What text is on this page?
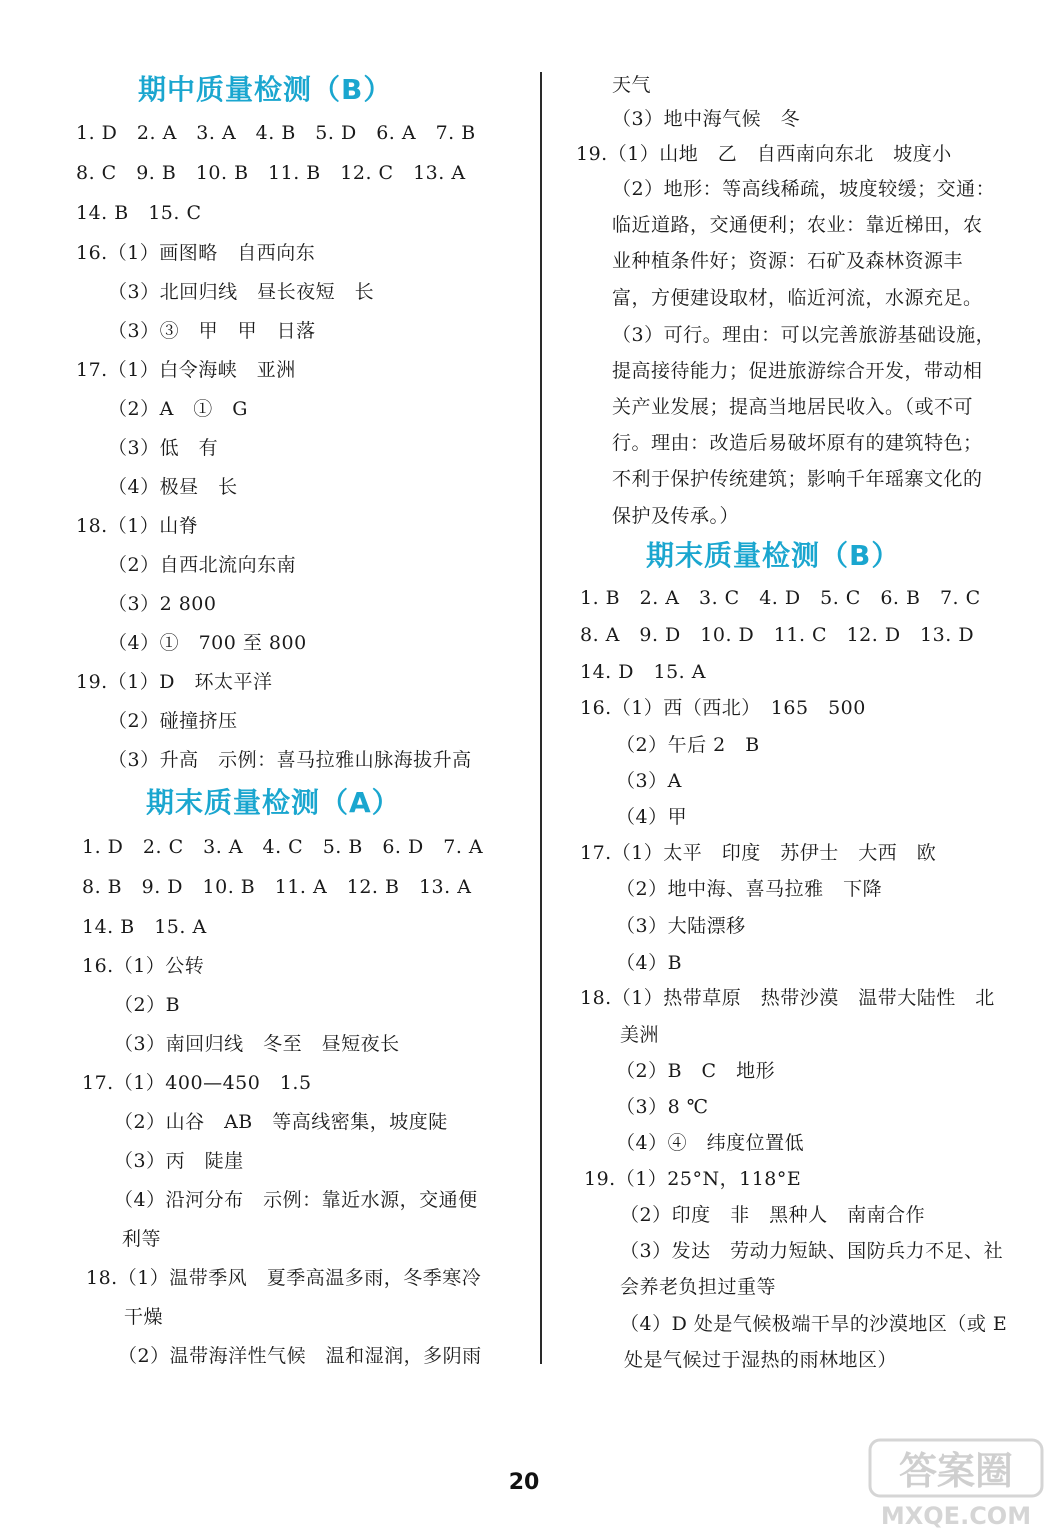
期中质量检测（B）
1. D　2. A　3. A　4. B　5. D　6. A　7. B
8. C　9. B　10. B　11. B　12. C　13. A
14. B　15. C
16.（1）画图略　自西向东
（3）北回归线　昼长夜短　长
（3）③　甲　甲　日落
17.（1）白令海峡　亚洲
（2）A　①　G
（3）低　有
（4）极昼　长
18.（1）山脊
（2）自西北流向东南
（3）2 800
（4）①　700 至 800
19.（1）D　环太平洋
（2）碰撞挤压
（3）升高　示例：喜马拉雅山脉海拔升高
期末质量检测（A）
1. D　2. C　3. A　4. C　5. B　6. D　7. A
8. B　9. D　10. B　11. A　12. B　13. A
14. B　15. A
16.（1）公转
（2）B
（3）南回归线　冬至　昼短夜长
17.（1）400—450　1.5
（2）山谷　AB　等高线密集，坡度陡
（3）丙　陡崖
（4）沿河分布　示例：靠近水源，交通便
利等
18.（1）温带季风　夏季高温多雨，冬季寒冷
干燥
（2）温带海洋性气候　温和湿润，多阴雨
天气
（3）地中海气候　冬
19.（1）山地　乙　自西南向东北　坡度小
（2）地形：等高线稀疏，坡度较缓；交通：
临近道路，交通便利；农业：靠近梯田，农
业种植条件好；资源：石矿及森林资源丰
富，方便建设取材，临近河流，水源充足。
（3）可行。理由：可以完善旅游基础设施，
提高接待能力；促进旅游综合开发，带动相
关产业发展；提高当地居民收入。（或不可
行。理由：改造后易破坏原有的建筑特色；
不利于保护传统建筑；影响千年瑶寨文化的
保护及传承。）
期末质量检测（B）
1. B　2. A　3. C　4. D　5. C　6. B　7. C
8. A　9. D　10. D　11. C　12. D　13. D
14. D　15. A
16.（1）西（西北）　165　500
（2）午后 2　B
（3）A
（4）甲
17.（1）太平　印度　苏伊士　大西　欧
（2）地中海、喜马拉雅　下降
（3）大陆漂移
（4）B
18.（1）热带草原　热带沙漠　温带大陆性　北
美洲
（2）B　C　地形
（3）8 ℃
（4）④　纬度位置低
19.（1）25°N，118°E
（2）印度　非　黑种人　南南合作
（3）发达　劳动力短缺、国防兵力不足、社
会养老负担过重等
（4）D 处是气候极端干旱的沙漠地区（或 E
处是气候过于湿热的雨林地区）
20	答案圈
MXQE.COM
